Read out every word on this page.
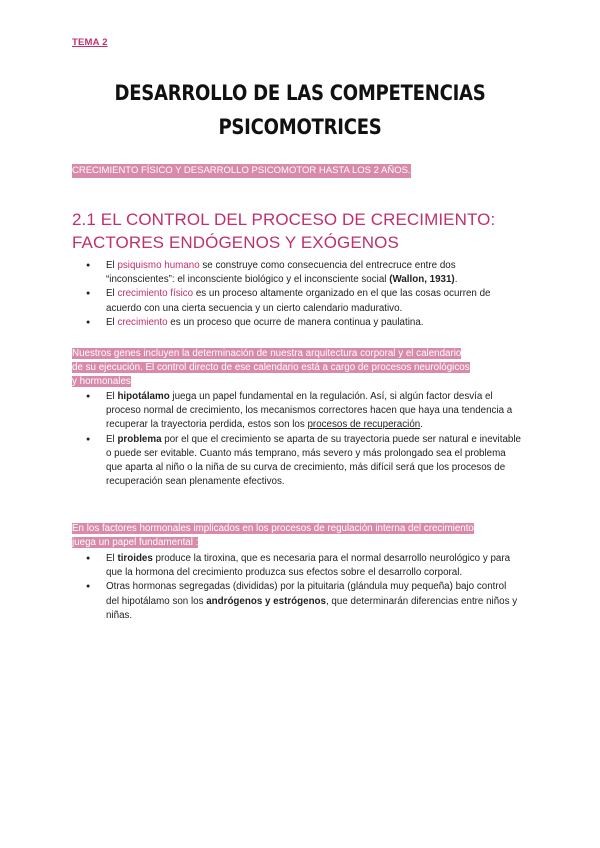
TEMA 2
DESARROLLO DE LAS COMPETENCIAS
PSICOMOTRICES
CRECIMIENTO FÍSICO Y DESARROLLO PSICOMOTOR HASTA LOS 2 AÑOS.
2.1 EL CONTROL DEL PROCESO DE CRECIMIENTO:
FACTORES ENDÓGENOS Y EXÓGENOS
● El psiquismo humano se construye como consecuencia del entrecruce entre dos “inconscientes”: el inconsciente biológico y el inconsciente social (Wallon, 1931).
● El crecimiento físico es un proceso altamente organizado en el que las cosas ocurren de acuerdo con una cierta secuencia y un cierto calendario madurativo.
● El crecimiento es un proceso que ocurre de manera continua y paulatina.
Nuestros genes incluyen la determinación de nuestra arquitectura corporal y el calendario
de su ejecución. El control directo de ese calendario está a cargo de procesos neurológicos
y hormonales
● El hipotálamo juega un papel fundamental en la regulación. Así, si algún factor desvía el proceso normal de crecimiento, los mecanismos correctores hacen que haya una tendencia a recuperar la trayectoria perdida, estos son los procesos de recuperación.
● El problema por el que el crecimiento se aparta de su trayectoria puede ser natural e inevitable o puede ser evitable. Cuanto más temprano, más severo y más prolongado sea el problema que aparta al niño o la niña de su curva de crecimiento, más difícil será que los procesos de recuperación sean plenamente efectivos.
En los factores hormonales implicados en los procesos de regulación interna del crecimiento
juega un papel fundamental :
● El tiroides produce la tiroxina, que es necesaria para el normal desarrollo neurológico y para que la hormona del crecimiento produzca sus efectos sobre el desarrollo corporal.
● Otras hormonas segregadas (divididas) por la pituitaria (glándula muy pequeña) bajo control del hipotálamo son los andrógenos y estrógenos, que determinarán diferencias entre niños y niñas.
